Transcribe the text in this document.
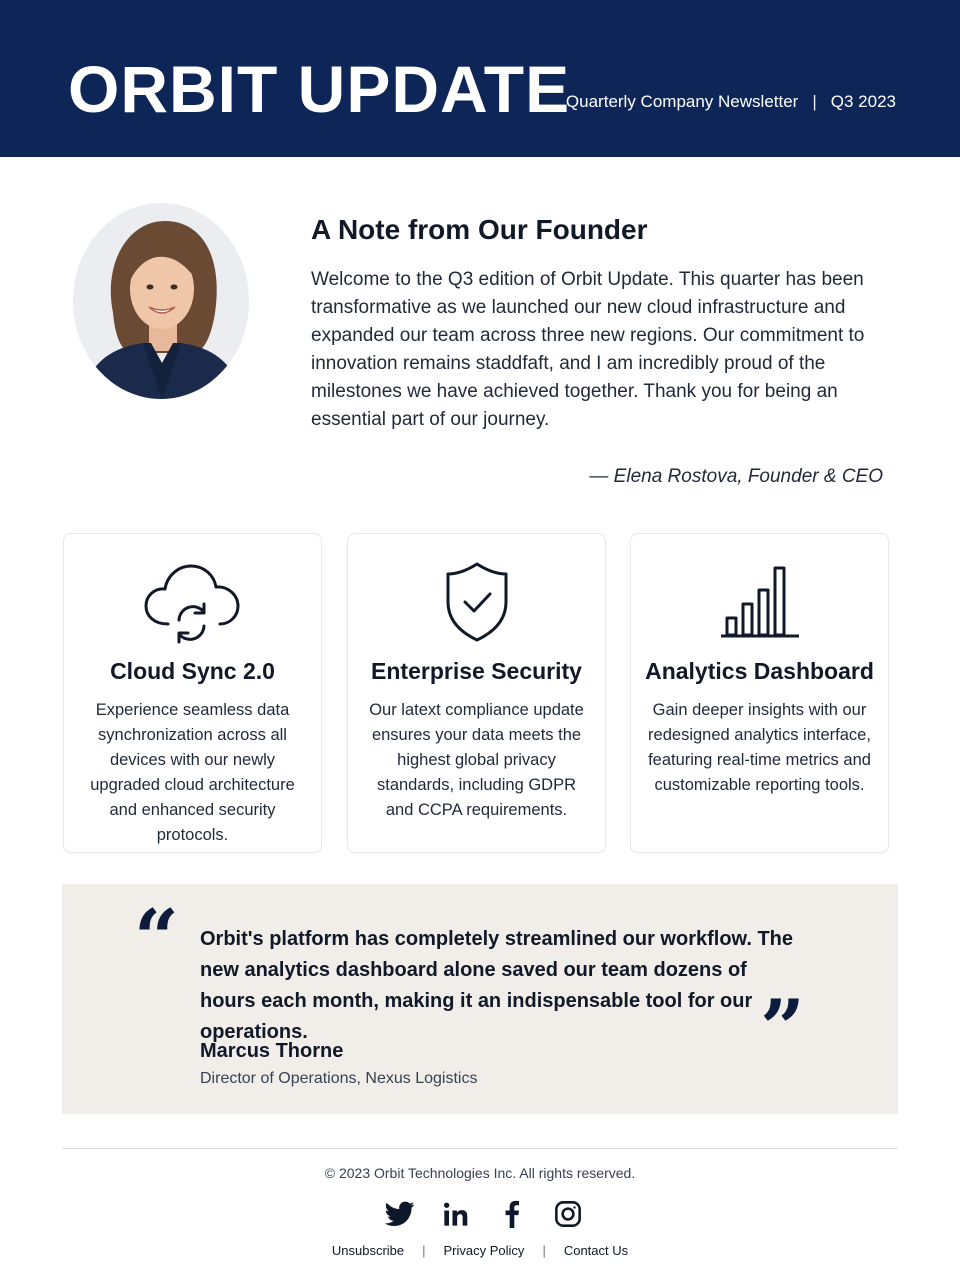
ORBIT UPDATE
Quarterly Company Newsletter | Q3 2023
A Note from Our Founder
Welcome to the Q3 edition of Orbit Update. This quarter has been transformative as we launched our new cloud infrastructure and expanded our team across three new regions. Our commitment to innovation remains staddfaft, and I am incredibly proud of the milestones we have achieved together. Thank you for being an essential part of our journey.
— Elena Rostova, Founder & CEO
Cloud Sync 2.0
Experience seamless data synchronization across all devices with our newly upgraded cloud architecture and enhanced security protocols.
Enterprise Security
Our latext compliance update ensures your data meets the highest global privacy standards, including GDPR and CCPA requirements.
Analytics Dashboard
Gain deeper insights with our redesigned analytics interface, featuring real-time metrics and customizable reporting tools.
“ Orbit's platform has completely streamlined our workflow. The new analytics dashboard alone saved our team dozens of hours each month, making it an indispensable tool for our operations.	”
Marcus Thorne
Director of Operations, Nexus Logistics
© 2023 Orbit Technologies Inc. All rights reserved.
Unsubscribe | Privacy Policy | Contact Us
